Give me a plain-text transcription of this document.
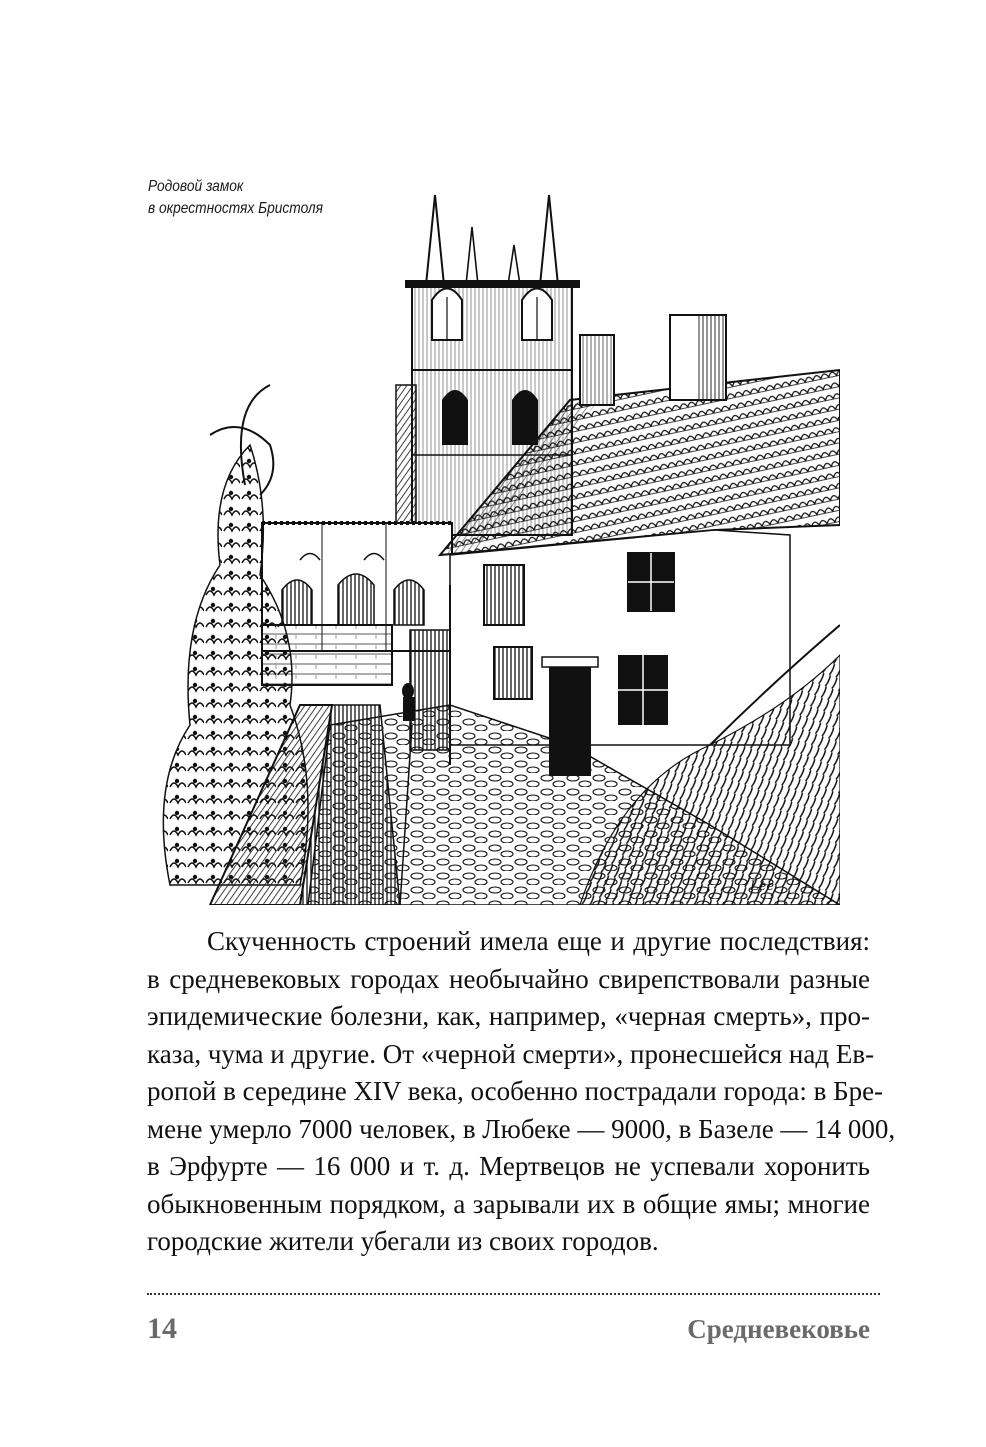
Родовой замок
в окрестностях Бристоля
Lee
Скученность строений имела еще и другие последствия:
в средневековых городах необычайно свирепствовали разные
эпидемические болезни, как, например, «черная смерть», про-
каза, чума и другие. От «черной смерти», пронесшейся над Ев-
ропой в середине XIV века, особенно пострадали города: в Бре-
мене умерло 7000 человек, в Любеке — 9000, в Базеле — 14 000,
в Эрфурте — 16 000 и т. д. Мертвецов не успевали хоронить
обыкновенным порядком, а зарывали их в общие ямы; многие
городские жители убегали из своих городов.
14	Средневековье
